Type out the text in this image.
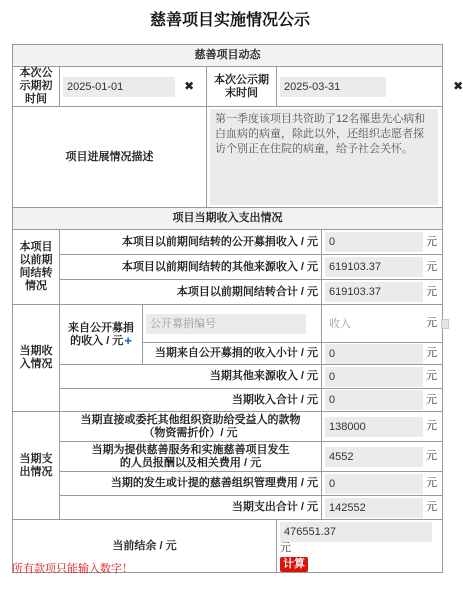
慈善项目实施情况公示
慈善项目动态					
本次公示期初时间	2025-01-01 ✖		本次公示期末时间	2025-03-31 ✖	
项目进展情况描述			第一季度该项目共资助了12名罹患先心病和白血病的病童，除此以外，还组织志愿者探访个别正在住院的病童，给予社会关怀。		

项目当期收入支出情况					
本项目以前期间结转情况	本项目以前期间结转的公开募捐收入 / 元				0 元
	本项目以前期间结转的其他来源收入 / 元				619103.37 元
	本项目以前期间结转合计 / 元				619103.37 元
当期收入情况	来自公开募捐的收入 / 元✚	公开募捐编号			收入 元
		当期来自公开募捐的收入小计 / 元			0 元
	当期其他来源收入 / 元				0 元
	当期收入合计 / 元				0 元
当期支出情况	当期直接或委托其他组织资助给受益人的款物（物资需折价）/ 元				138000 元
	当期为提供慈善服务和实施慈善项目发生的人员报酬以及相关费用 / 元				4552 元
	当期的发生或计提的慈善组织管理费用 / 元				0 元
	当期支出合计 / 元				142552 元
当前结余 / 元				476551.37 元
计算	
所有款项只能输入数字！
